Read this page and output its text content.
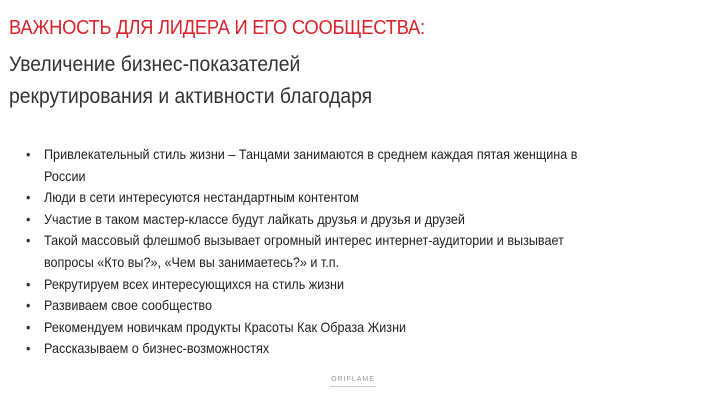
ВАЖНОСТЬ ДЛЯ ЛИДЕРА И ЕГО СООБЩЕСТВА:
Увеличение бизнес-показателей
рекрутирования и активности благодаря
• Привлекательный стиль жизни – Танцами занимаются в среднем каждая пятая женщина в России
• Люди в сети интересуются нестандартным контентом
• Участие в таком мастер-классе будут лайкать друзья и друзья и друзей
• Такой массовый флешмоб вызывает огромный интерес интернет-аудитории и вызывает вопросы «Кто вы?», «Чем вы занимаетесь?» и т.п.
• Рекрутируем всех интересующихся на стиль жизни
• Развиваем свое сообщество
• Рекомендуем новичкам продукты Красоты Как Образа Жизни
• Рассказываем о бизнес-возможностях
ORIFLAME
